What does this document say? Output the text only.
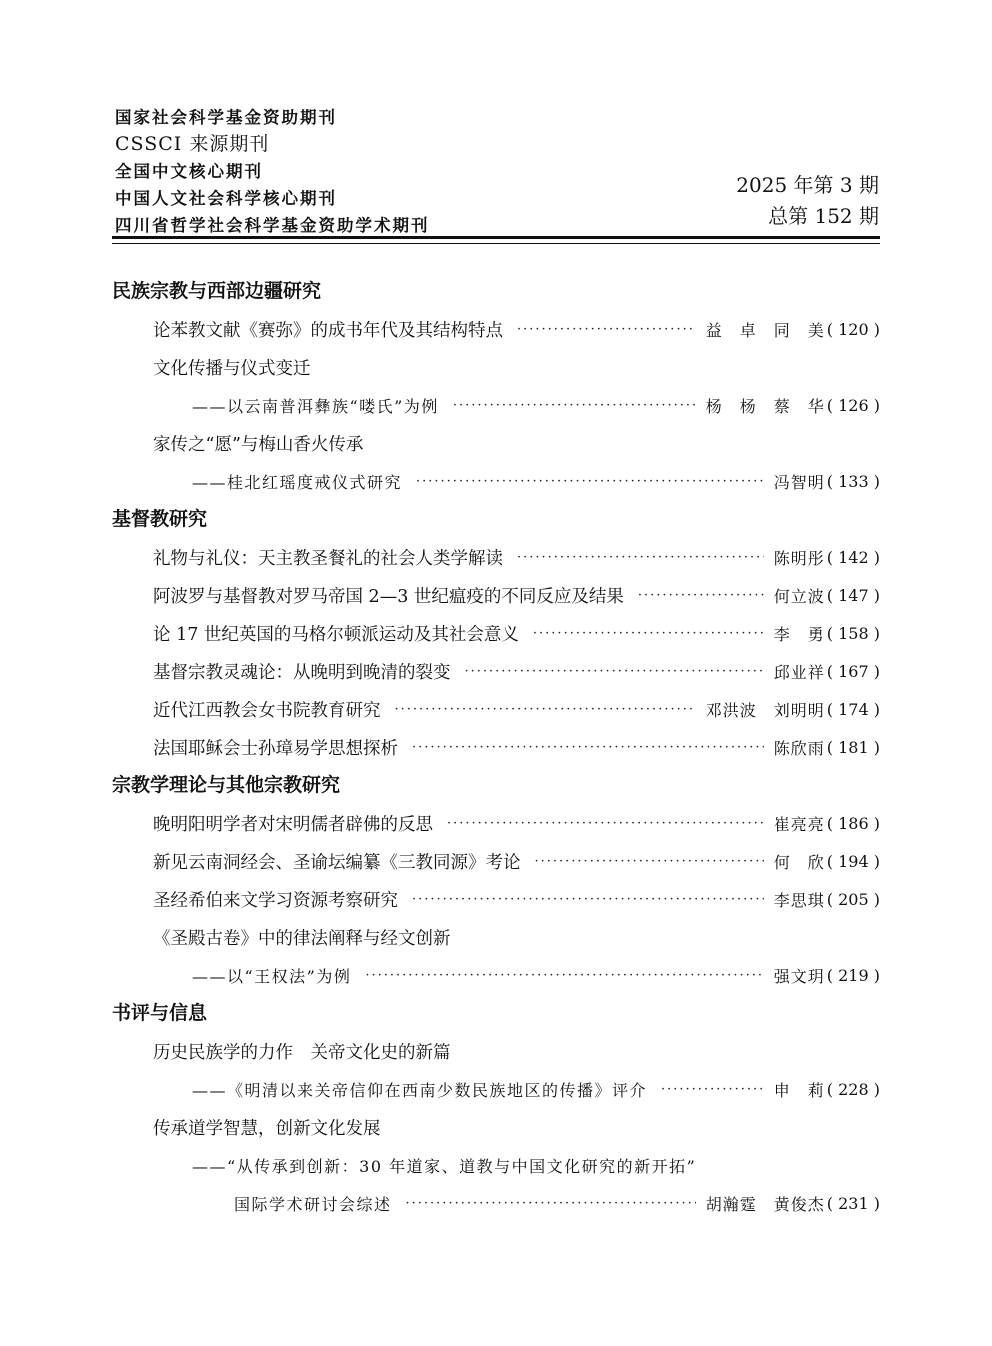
国家社会科学基金资助期刊
CSSCI 来源期刊
全国中文核心期刊
中国人文社会科学核心期刊
四川省哲学社会科学基金资助学术期刊
2025 年第 3 期
总第 152 期
民族宗教与西部边疆研究
论苯教文献《赛弥》的成书年代及其结构特点 ·····	益　卓　同　美 ( 120 )
文化传播与仪式变迁
——以云南普洱彝族“喽氏”为例 ·····	杨　杨　蔡　华 ( 126 )
家传之“愿”与梅山香火传承
——桂北红瑶度戒仪式研究 ·····	冯智明 ( 133 )
基督教研究
礼物与礼仪：天主教圣餐礼的社会人类学解读 ·····	陈明彤 ( 142 )
阿波罗与基督教对罗马帝国 2—3 世纪瘟疫的不同反应及结果 ·····	何立波 ( 147 )
论 17 世纪英国的马格尔顿派运动及其社会意义 ·····	李　勇 ( 158 )
基督宗教灵魂论：从晚明到晚清的裂变 ·····	邱业祥 ( 167 )
近代江西教会女书院教育研究 ·····	邓洪波　刘明明 ( 174 )
法国耶稣会士孙璋易学思想探析 ·····	陈欣雨 ( 181 )
宗教学理论与其他宗教研究
晚明阳明学者对宋明儒者辟佛的反思 ·····	崔亮亮 ( 186 )
新见云南洞经会、圣谕坛编纂《三教同源》考论 ·····	何　欣 ( 194 )
圣经希伯来文学习资源考察研究 ·····	李思琪 ( 205 )
《圣殿古卷》中的律法阐释与经文创新
——以“王权法”为例 ·····	强文玥 ( 219 )
书评与信息
历史民族学的力作　关帝文化史的新篇
——《明清以来关帝信仰在西南少数民族地区的传播》评介 ·····	申　莉 ( 228 )
传承道学智慧，创新文化发展
——“从传承到创新：30 年道家、道教与中国文化研究的新开拓”
国际学术研讨会综述 ·····	胡瀚霆　黄俊杰 ( 231 )
